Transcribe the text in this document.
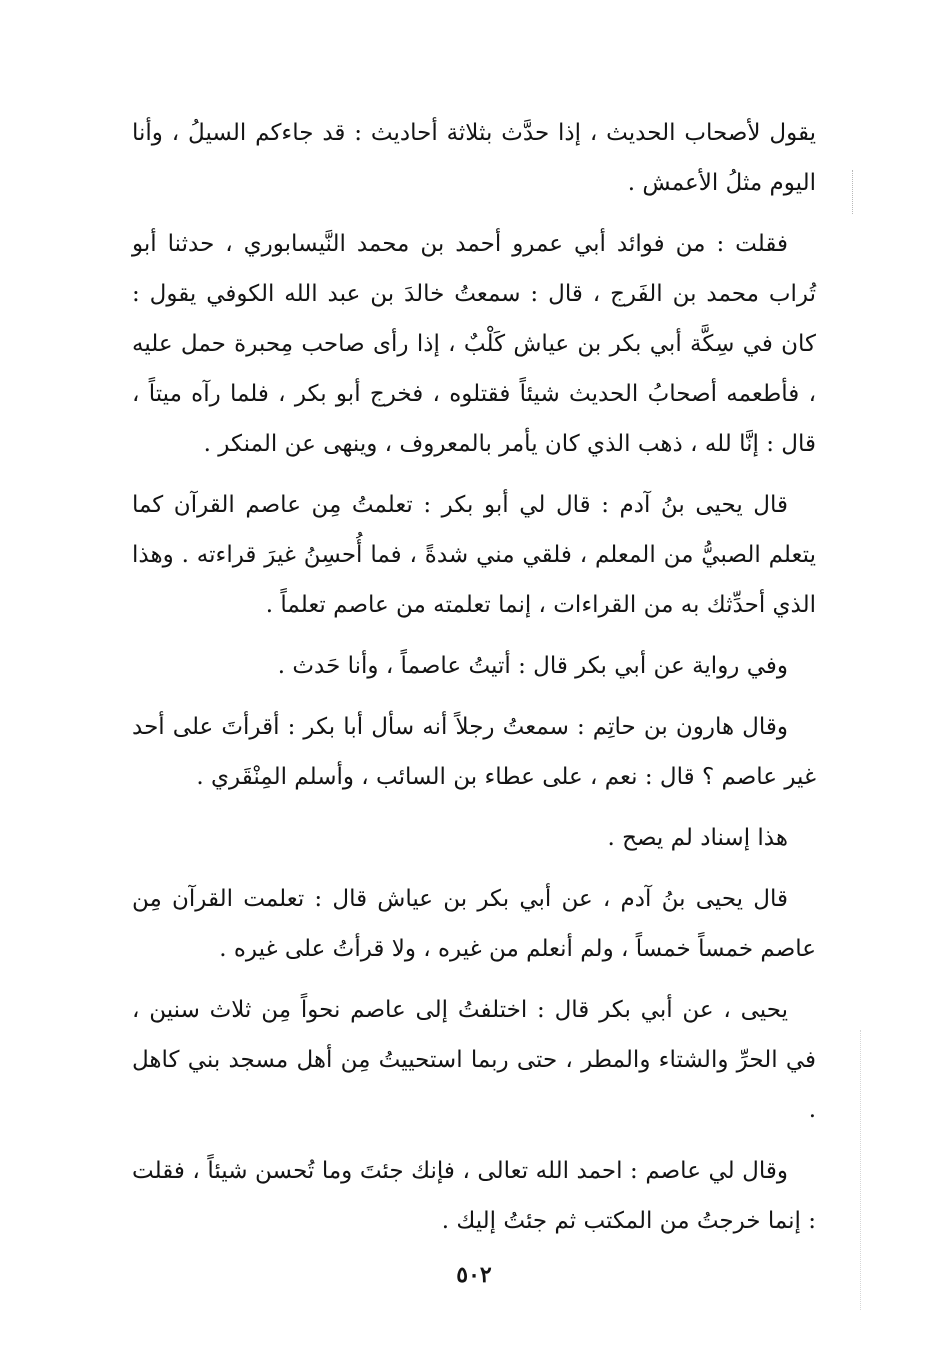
يقول لأصحاب الحديث ، إذا حدَّث بثلاثة أحاديث : قد جاءكم السيلُ ، وأنا اليوم مثلُ الأعمش .

فقلت : من فوائد أبي عمرو أحمد بن محمد النَّيسابوري ، حدثنا أبو تُراب محمد بن الفَرج ، قال : سمعتُ خالدَ بن عبد الله الكوفي يقول : كان في سِكَّة أبي بكر بن عياش كَلْبٌ ، إذا رأى صاحب مِحبرة حمل عليه ، فأطعمه أصحابُ الحديث شيئاً فقتلوه ، فخرج أبو بكر ، فلما رآه ميتاً ، قال : إنَّا لله ، ذهب الذي كان يأمر بالمعروف ، وينهى عن المنكر .

قال يحيى بنُ آدم : قال لي أبو بكر : تعلمتُ مِن عاصم القرآن كما يتعلم الصبيُّ من المعلم ، فلقي مني شدةً ، فما أُحسِنُ غيرَ قراءته . وهذا الذي أحدِّثك به من القراءات ، إنما تعلمته من عاصم تعلماً .

وفي رواية عن أبي بكر قال : أتيتُ عاصماً ، وأنا حَدث .

وقال هارون بن حاتِم : سمعتُ رجلاً أنه سأل أبا بكر : أقرأتَ على أحد غير عاصم ؟ قال : نعم ، على عطاء بن السائب ، وأسلم المِنْقَري .

هذا إسناد لم يصح .

قال يحيى بنُ آدم ، عن أبي بكر بن عياش قال : تعلمت القرآن مِن عاصم خمساً خمساً ، ولم أنعلم من غيره ، ولا قرأتُ على غيره .

يحيى ، عن أبي بكر قال : اختلفتُ إلى عاصم نحواً مِن ثلاث سنين ، في الحرِّ والشتاء والمطر ، حتى ربما استحييتُ مِن أهل مسجد بني كاهل .

وقال لي عاصم : احمد الله تعالى ، فإنك جئتَ وما تُحسن شيئاً ، فقلت : إنما خرجتُ من المكتب ثم جئتُ إليك .

٥٠٢
